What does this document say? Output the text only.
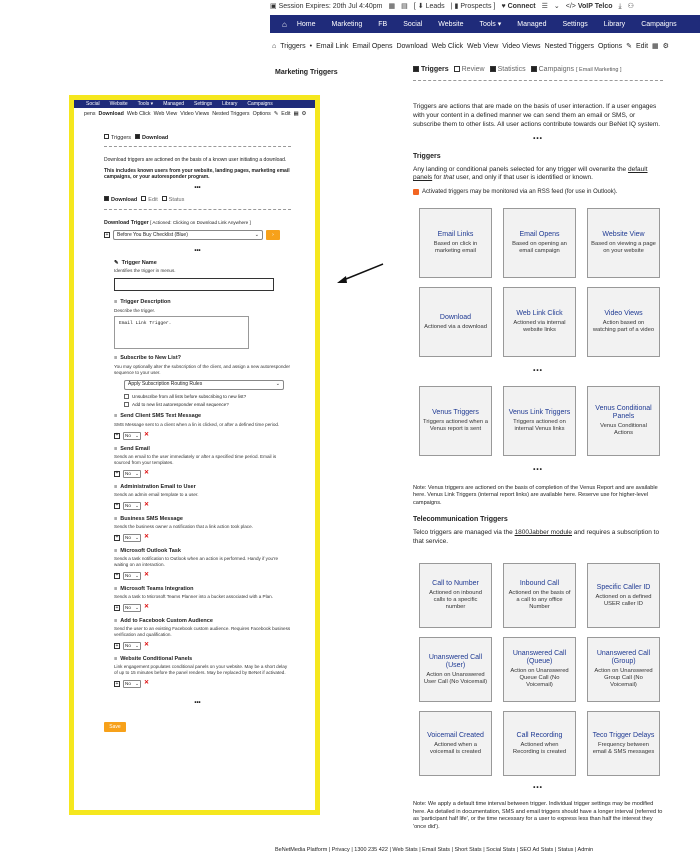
▣ Session Expires: 20th Jul 4:40pm ▦ ▤ [ ⬇ Leads | ▮ Prospects ] ♥ Connect ☰ ⌄ </> VoIP Telco ⤓ ⚇
⌂	Home	Marketing	FB	Social	Website	Tools ▾	Managed	Settings	Library	Campaigns
⌂ Triggers • Email Link Email Opens Download Web Click Web View Video Views Nested Triggers Options ✎ Edit ▦ ⚙
Marketing Triggers	Triggers	Review	Statistics	Campaigns [ Email Marketing ]

Triggers are actions that are made on the basis of user interaction. If a user engages with your content in a defined manner we can send them an email or SMS, or subscribe them to other lists. All user actions contribute towards our BeNet IQ system.

•••
Triggers

Any landing or conditional panels selected for any trigger will overwrite the default panels for that user, and only if that user is identified or known.

Activated triggers may be monitored via an RSS feed (for use in Outlook).
Email Links
Based on click in marketing email
Email Opens
Based on opening an email campaign
Website View
Based on viewing a page on your website
Download
Actioned via a download
Web Link Click
Actioned via internal website links
Video Views
Action based on watching part of a video
•••
Venus Triggers
Triggers actioned when a Venus report is sent
Venus Link Triggers
Triggers actioned on internal Venus links
Venus Conditional Panels
Venus Conditional Actions
•••

Note: Venus triggers are actioned on the basis of completion of the Venus Report and are available here. Venus Link Triggers (internal report links) are available here. Reserve use for higher-level campaigns.

Telecommunication Triggers

Telco triggers are managed via the 1800Jabber module and requires a subscription to that service.

Call to Number
Actioned on inbound calls to a specific number
Inbound Call
Actioned on the basis of a call to any office Number
Specific Caller ID
Actioned on a defined USER caller ID
Unanswered Call (User)
Action on Unanswered User Call (No Voicemail)
Unanswered Call (Queue)
Action on Unanswered Queue Call (No Voicemail)
Unanswered Call (Group)
Action on Unanswered Group Call (No Voicemail)
Voicemail Created
Actioned when a voicemail is created
Call Recording
Actioned when Recording is created
Teco Trigger Delays
Frequency between email & SMS messages
•••

Note: We apply a default time interval between trigger. Individual trigger settings may be modified here. As detailed in documentation, SMS and email triggers should have a longer interval (referred to as 'participant half life', or the time necessary for a user to express less than half the interest they 'once did').

Social Website Tools ▾ Managed Settings Library Campaigns
pens Download Web Click Web View Video Views Nested Triggers Options ✎ Edit ▦ ⚙
Triggers	Download

Download triggers are actioned on the basis of a known user initiating a download.

This includes known users from your website, landing pages, marketing email campaigns, or your autoresponder program.

•••
Download	Edit	Status
Download Trigger [ Actioned: Clicking on Download Link Anywhere ]
+	Before You Buy Checklist (Blue)	⌄	›
•••
✎ Trigger Name
Identifies the trigger in menus.
≡ Trigger Description
Describe the trigger.
Email Link Trigger.
≡ Subscribe to New List?
You may optionally alter the subscription of the client, and assign a new autoresponder sequence to your user.
Apply Subscription Routing Rules	⌄
Unsubscribe from all lists before subscribing to new list?
Add to new list autoresponder email sequence?
≡ Send Client SMS Text Message
SMS Message sent to a client when a lin is clicked, or after a defined time period.
+	No ⌄ ✕
≡ Send Email
Sends an email to the user immediately or after a specified time period. Email is sourced from your templates.
+	No ⌄ ✕
≡ Administration Email to User
Sends an admin email template to a user.
+	No ⌄ ✕
≡ Business SMS Message
Sends the business owner a notification that a link action took place.
+	No ⌄ ✕
≡ Microsoft Outlook Task
Sends a task notification to Outlook when an action is performed. Handy if you're waiting on an interaction.
+	No ⌄ ✕
≡ Microsoft Teams Integration
Sends a task to Microsoft Teams Planner into a bucket associated with a Plan.
+	No ⌄ ✕
≡ Add to Facebook Custom Audience
Send the user to an existing Facebook custom audience. Requires Facebook business verification and qualification.
+	No ⌄ ✕
≡ Website Conditional Panels
Link engagement populates conditional panels on your website. May be a short delay of up to 15 minutes before the panel renders. May be replaced by BeNet if activated.
+	No ⌄ ✕
•••
Save
BeNetMedia Platform | Privacy | 1300 235 422 | Web Stats | Email Stats | Short Stats | Social Stats | SEO Ad Stats | Status | Admin
